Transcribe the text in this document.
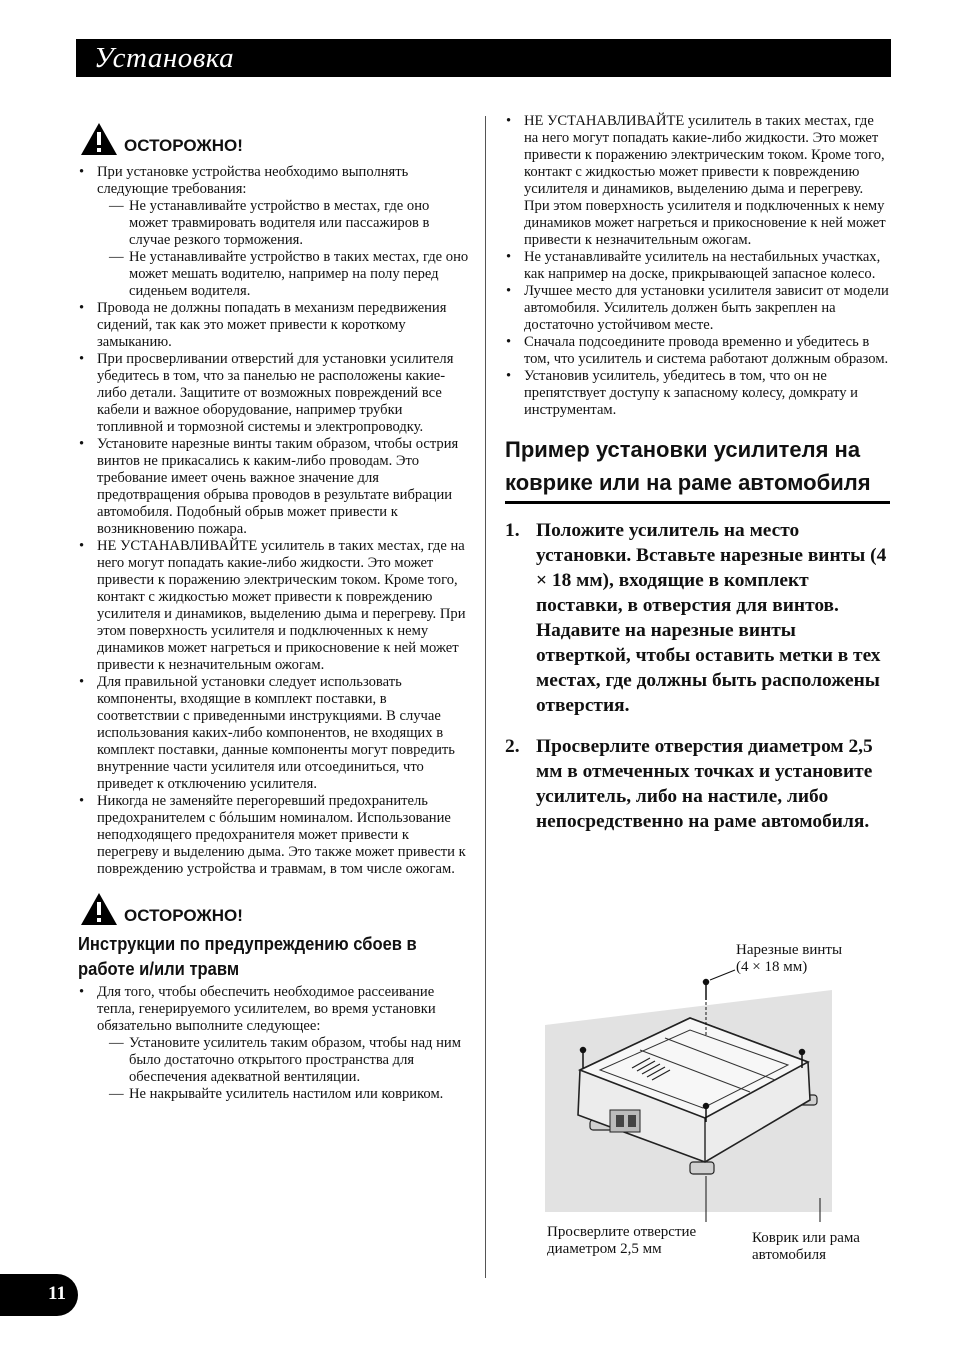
Установка
ОСТОРОЖНО!
• При установке устройства необходимо выполнять следующие требования:
— Не устанавливайте устройство в местах, где оно может травмировать водителя или пассажиров в случае резкого торможения.
— Не устанавливайте устройство в таких местах, где оно может мешать водителю, например на полу перед сиденьем водителя.
• Провода не должны попадать в механизм передвижения сидений, так как это может привести к короткому замыканию.
• При просверливании отверстий для установки усилителя убедитесь в том, что за панелью не расположены какие-либо детали. Защитите от возможных повреждений все кабели и важное оборудование, например трубки топливной и тормозной системы и электропроводку.
• Установите нарезные винты таким образом, чтобы острия винтов не прикасались к каким-либо проводам. Это требование имеет очень важное значение для предотвращения обрыва проводов в результате вибрации автомобиля. Подобный обрыв может привести к возникновению пожара.
• НЕ УСТАНАВЛИВАЙТЕ усилитель в таких местах, где на него могут попадать какие-либо жидкости. Это может привести к поражению электрическим током. Кроме того, контакт с жидкостью может привести к повреждению усилителя и динамиков, выделению дыма и перегреву. При этом поверхность усилителя и подключенных к нему динамиков может нагреться и прикосновение к ней может привести к незначительным ожогам.
• Для правильной установки следует использовать компоненты, входящие в комплект поставки, в соответствии с приведенными инструкциями. В случае использования каких-либо компонентов, не входящих в комплект поставки, данные компоненты могут повредить внутренние части усилителя или отсоединиться, что приведет к отключению усилителя.
• Никогда не заменяйте перегоревший предохранитель предохранителем с бóльшим номиналом. Использование неподходящего предохранителя может привести к перегреву и выделению дыма. Это также может привести к повреждению устройства и травмам, в том числе ожогам.
ОСТОРОЖНО!
Инструкции по предупреждению сбоев в работе и/или травм
• Для того, чтобы обеспечить необходимое рассеивание тепла, генерируемого усилителем, во время установки обязательно выполните следующее:
— Установите усилитель таким образом, чтобы над ним было достаточно открытого пространства для обеспечения адекватной вентиляции.
— Не накрывайте усилитель настилом или ковриком.
• НЕ УСТАНАВЛИВАЙТЕ усилитель в таких местах, где на него могут попадать какие-либо жидкости. Это может привести к поражению электрическим током. Кроме того, контакт с жидкостью может привести к повреждению усилителя и динамиков, выделению дыма и перегреву. При этом поверхность усилителя и подключенных к нему динамиков может нагреться и прикосновение к ней может привести к незначительным ожогам.
• Не устанавливайте усилитель на нестабильных участках, как например на доске, прикрывающей запасное колесо.
• Лучшее место для установки усилителя зависит от модели автомобиля. Усилитель должен быть закреплен на достаточно устойчивом месте.
• Сначала подсоедините провода временно и убедитесь в том, что усилитель и система работают должным образом.
• Установив усилитель, убедитесь в том, что он не препятствует доступу к запасному колесу, домкрату и инструментам.
Пример установки усилителя на коврике или на раме автомобиля
1. Положите усилитель на место установки. Вставьте нарезные винты (4 × 18 мм), входящие в комплект поставки, в отверстия для винтов. Надавите на нарезные винты отверткой, чтобы оставить метки в тех местах, где должны быть расположены отверстия.
2. Просверлите отверстия диаметром 2,5 мм в отмеченных точках и установите усилитель, либо на настиле, либо непосредственно на раме автомобиля.
Нарезные винты
(4 × 18 мм)
Просверлите отверстие
диаметром 2,5 мм
Коврик или рама
автомобиля
11
